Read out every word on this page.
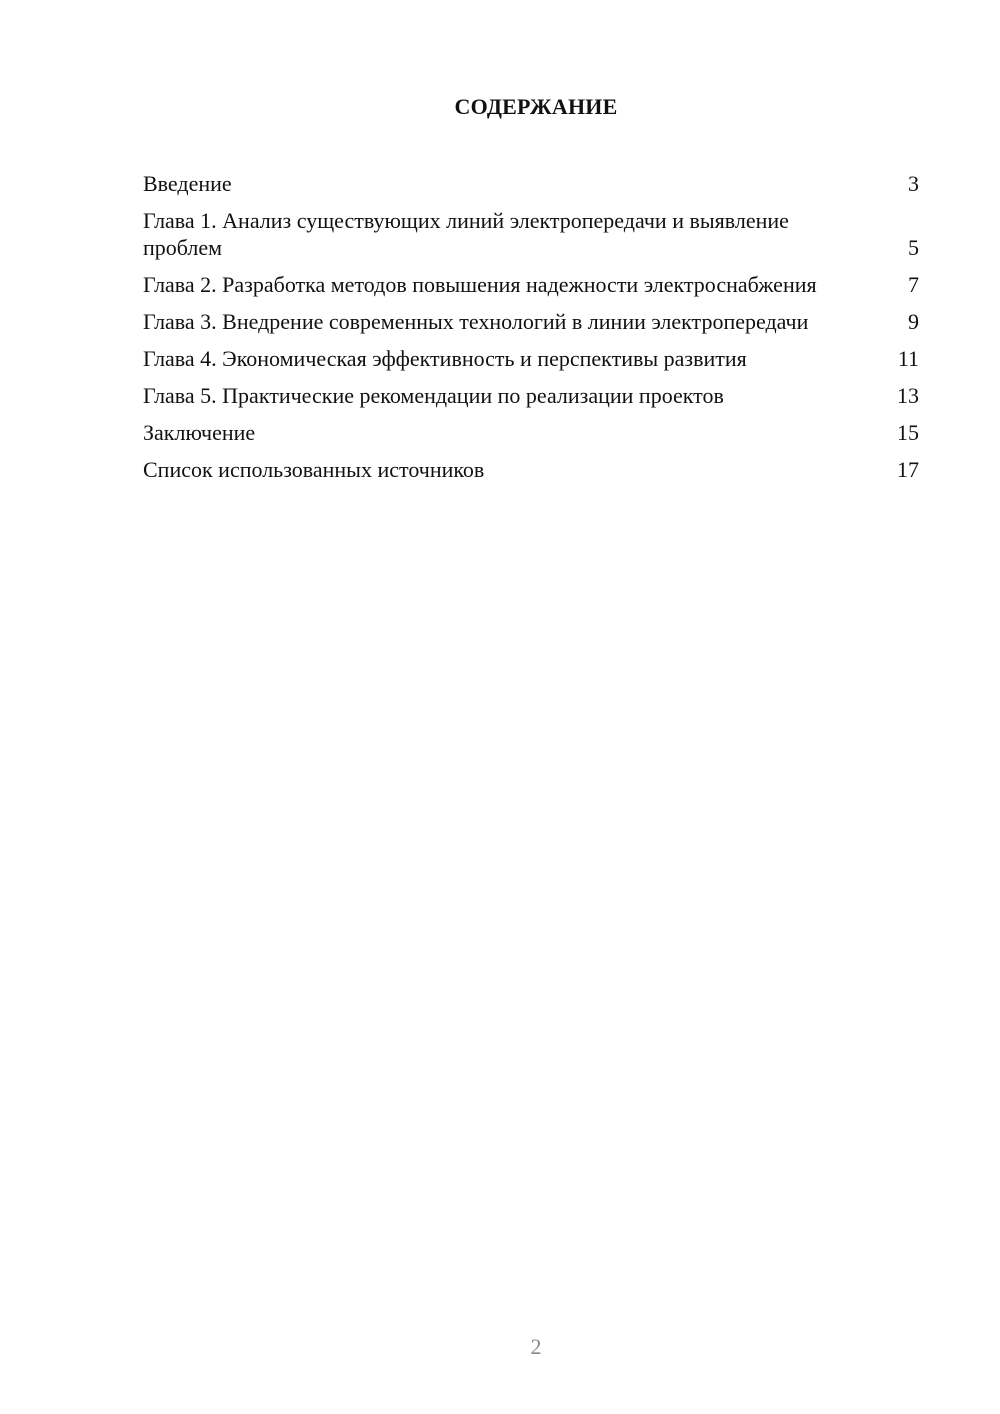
СОДЕРЖАНИЕ
Введение	3
Глава 1. Анализ существующих линий электропередачи и выявление проблем	5
Глава 2. Разработка методов повышения надежности электроснабжения	7
Глава 3. Внедрение современных технологий в линии электропередачи	9
Глава 4. Экономическая эффективность и перспективы развития	11
Глава 5. Практические рекомендации по реализации проектов	13
Заключение	15
Список использованных источников	17
2
